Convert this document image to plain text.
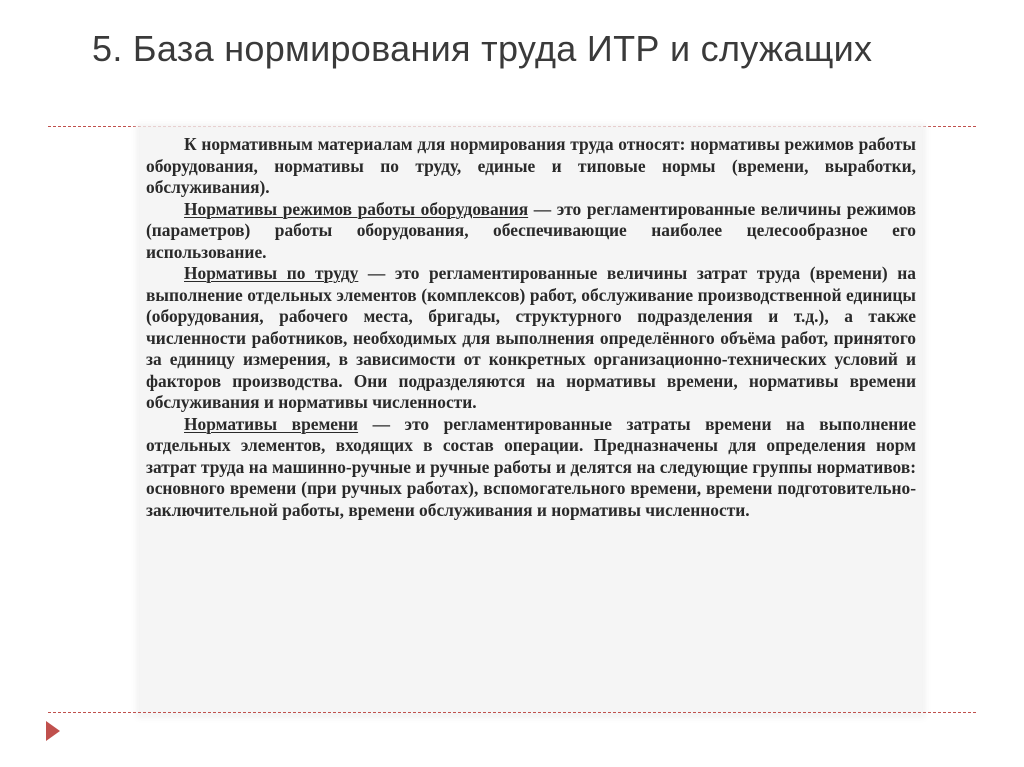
5. База нормирования труда ИТР и служащих

К нормативным материалам для нормирования труда относят: нормативы режимов работы оборудования, нормативы по труду, единые и типовые нормы (времени, выработки, обслуживания).

Нормативы режимов работы оборудования — это регламентированные величины режимов (параметров) работы оборудования, обеспечивающие наиболее целесообразное его использование.

Нормативы по труду — это регламентированные величины затрат труда (времени) на выполнение отдельных элементов (комплексов) работ, обслуживание производственной единицы (оборудования, рабочего места, бригады, структурного подразделения и т.д.), а также численности работников, необходимых для выполнения определённого объёма работ, принятого за единицу измерения, в зависимости от конкретных организационно-технических условий и факторов производства. Они подразделяются на нормативы времени, нормативы времени обслуживания и нормативы численности.

Нормативы времени — это регламентированные затраты времени на выполнение отдельных элементов, входящих в состав операции. Предназначены для определения норм затрат труда на машинно-ручные и ручные работы и делятся на следующие группы нормативов: основного времени (при ручных работах), вспомогательного времени, времени подготовительно-заключительной работы, времени обслуживания и нормативы численности.
